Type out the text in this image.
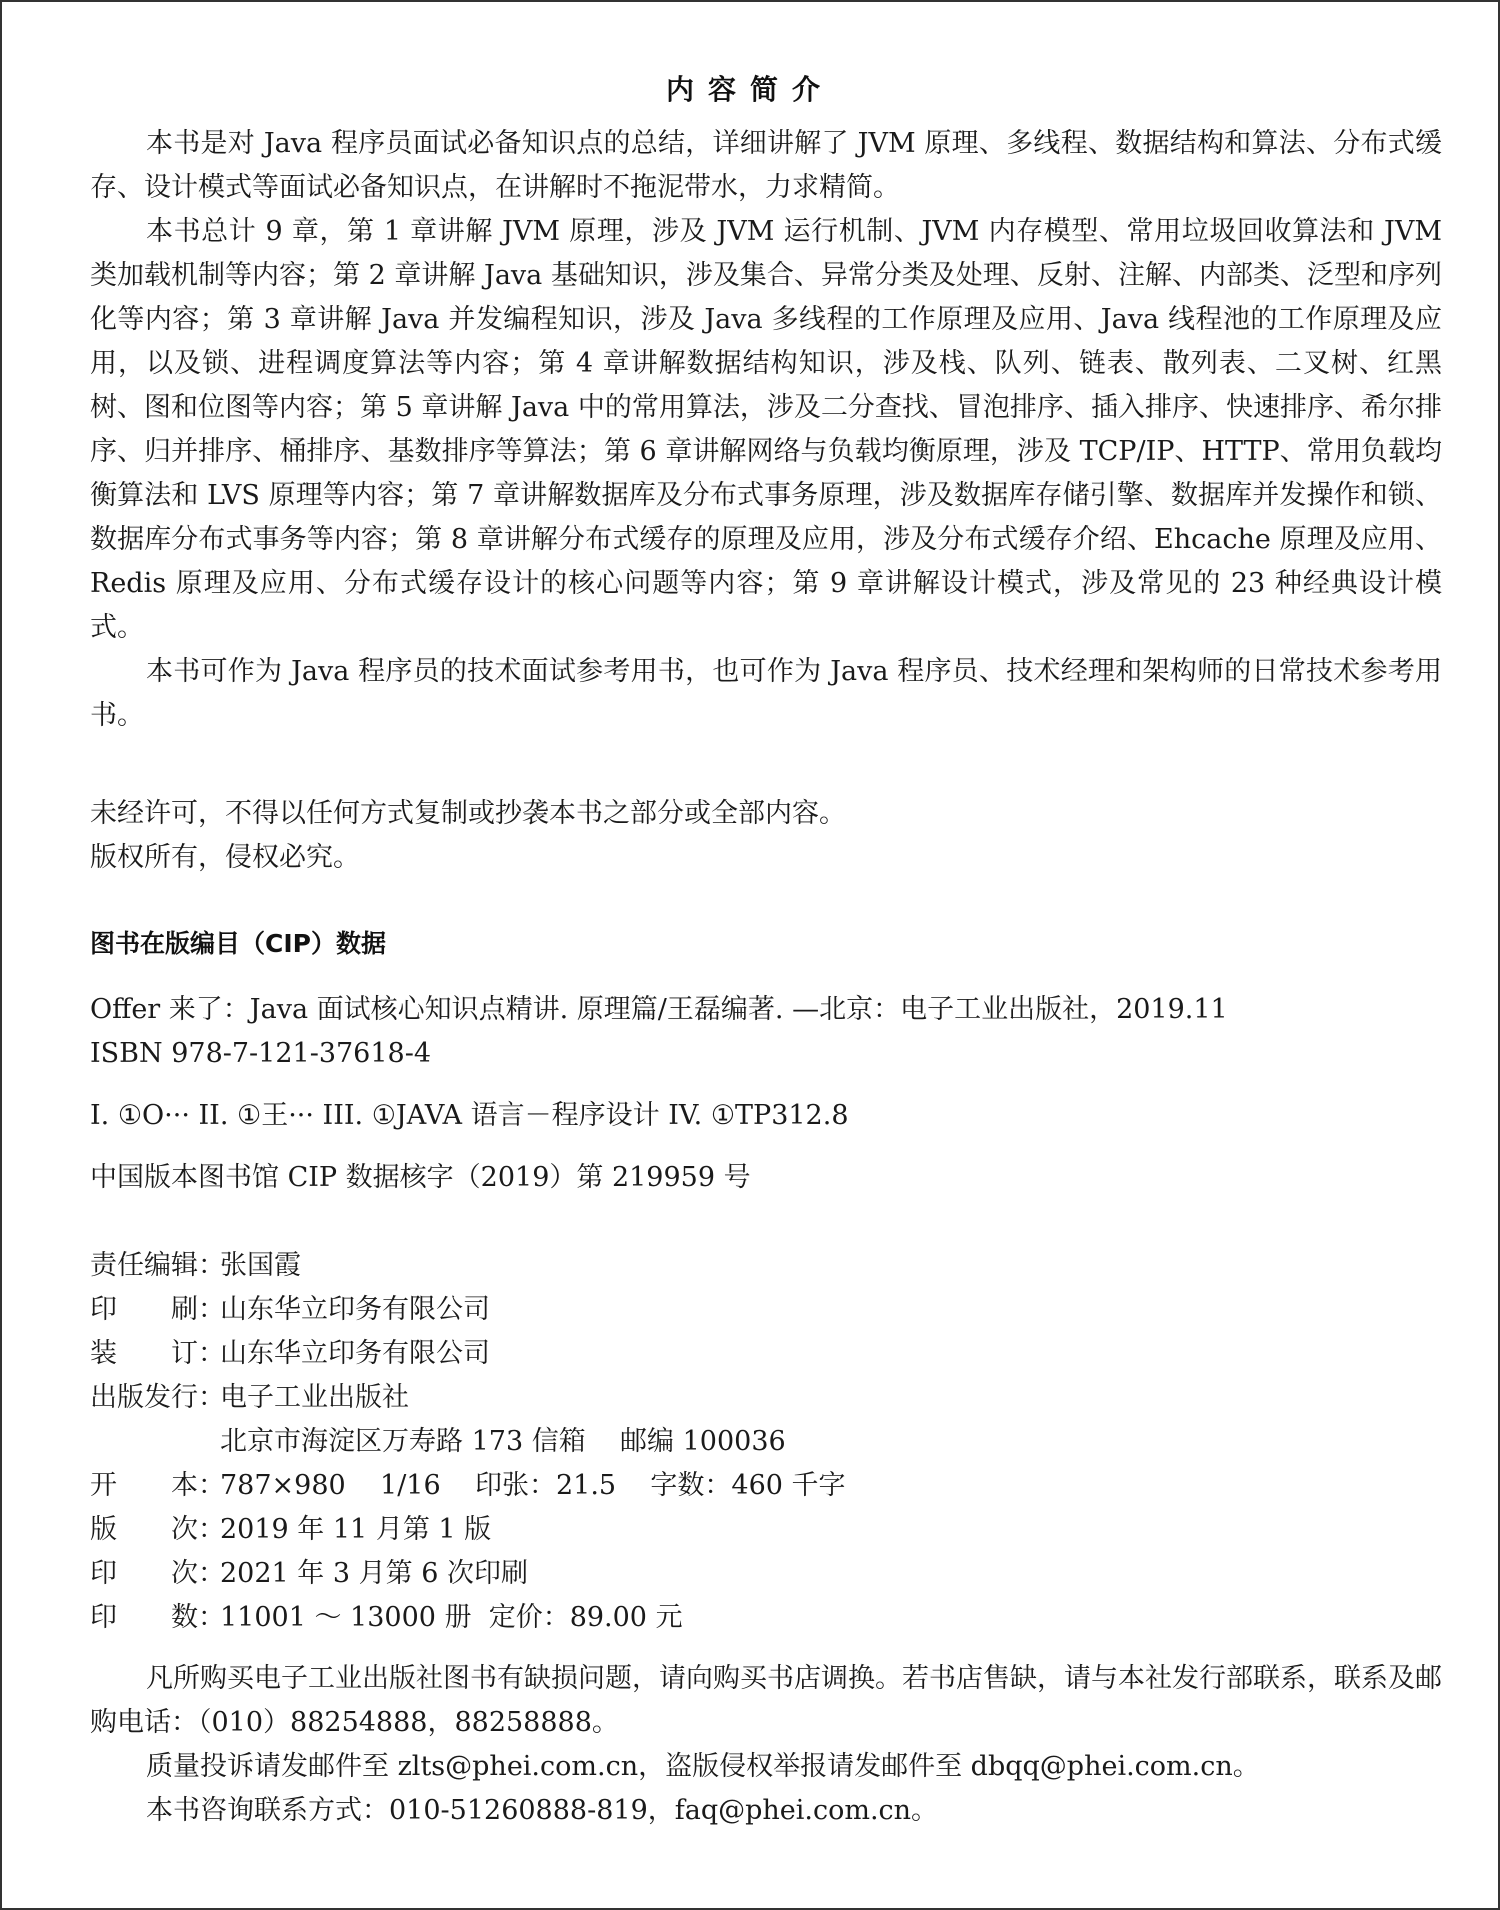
内容简介

本书是对 Java 程序员面试必备知识点的总结，详细讲解了 JVM 原理、多线程、数据结构和算法、分布式缓存、设计模式等面试必备知识点，在讲解时不拖泥带水，力求精简。

本书总计 9 章，第 1 章讲解 JVM 原理，涉及 JVM 运行机制、JVM 内存模型、常用垃圾回收算法和 JVM 类加载机制等内容；第 2 章讲解 Java 基础知识，涉及集合、异常分类及处理、反射、注解、内部类、泛型和序列化等内容；第 3 章讲解 Java 并发编程知识，涉及 Java 多线程的工作原理及应用、Java 线程池的工作原理及应用，以及锁、进程调度算法等内容；第 4 章讲解数据结构知识，涉及栈、队列、链表、散列表、二叉树、红黑树、图和位图等内容；第 5 章讲解 Java 中的常用算法，涉及二分查找、冒泡排序、插入排序、快速排序、希尔排序、归并排序、桶排序、基数排序等算法；第 6 章讲解网络与负载均衡原理，涉及 TCP/IP、HTTP、常用负载均衡算法和 LVS 原理等内容；第 7 章讲解数据库及分布式事务原理，涉及数据库存储引擎、数据库并发操作和锁、数据库分布式事务等内容；第 8 章讲解分布式缓存的原理及应用，涉及分布式缓存介绍、Ehcache 原理及应用、Redis 原理及应用、分布式缓存设计的核心问题等内容；第 9 章讲解设计模式，涉及常见的 23 种经典设计模式。

本书可作为 Java 程序员的技术面试参考用书，也可作为 Java 程序员、技术经理和架构师的日常技术参考用书。

未经许可，不得以任何方式复制或抄袭本书之部分或全部内容。

版权所有，侵权必究。

图书在版编目（CIP）数据

Offer 来了：Java 面试核心知识点精讲. 原理篇/王磊编著. —北京：电子工业出版社，2019.11

ISBN 978-7-121-37618-4

I. ①O··· II. ①王··· III. ①JAVA 语言－程序设计 IV. ①TP312.8

中国版本图书馆 CIP 数据核字（2019）第 219959 号

责 任 编 辑 ：
张国霞
印 刷 ：
山东华立印务有限公司
装 订 ：
山东华立印务有限公司
出 版 发 行 ：
电子工业出版社
北京市海淀区万寿路 173 信箱    邮编 100036
开 本 ：
787×980    1/16    印张：21.5    字数：460 千字
版 次 ：
2019 年 11 月第 1 版
印 次 ：
2021 年 3 月第 6 次印刷
印 数 ：
11001 ～ 13000 册  定价：89.00 元

凡所购买电子工业出版社图书有缺损问题，请向购买书店调换。若书店售缺，请与本社发行部联系，联系及邮购电话：（010）88254888，88258888。

质量投诉请发邮件至 zlts@phei.com.cn，盗版侵权举报请发邮件至 dbqq@phei.com.cn。

本书咨询联系方式：010-51260888-819，faq@phei.com.cn。
